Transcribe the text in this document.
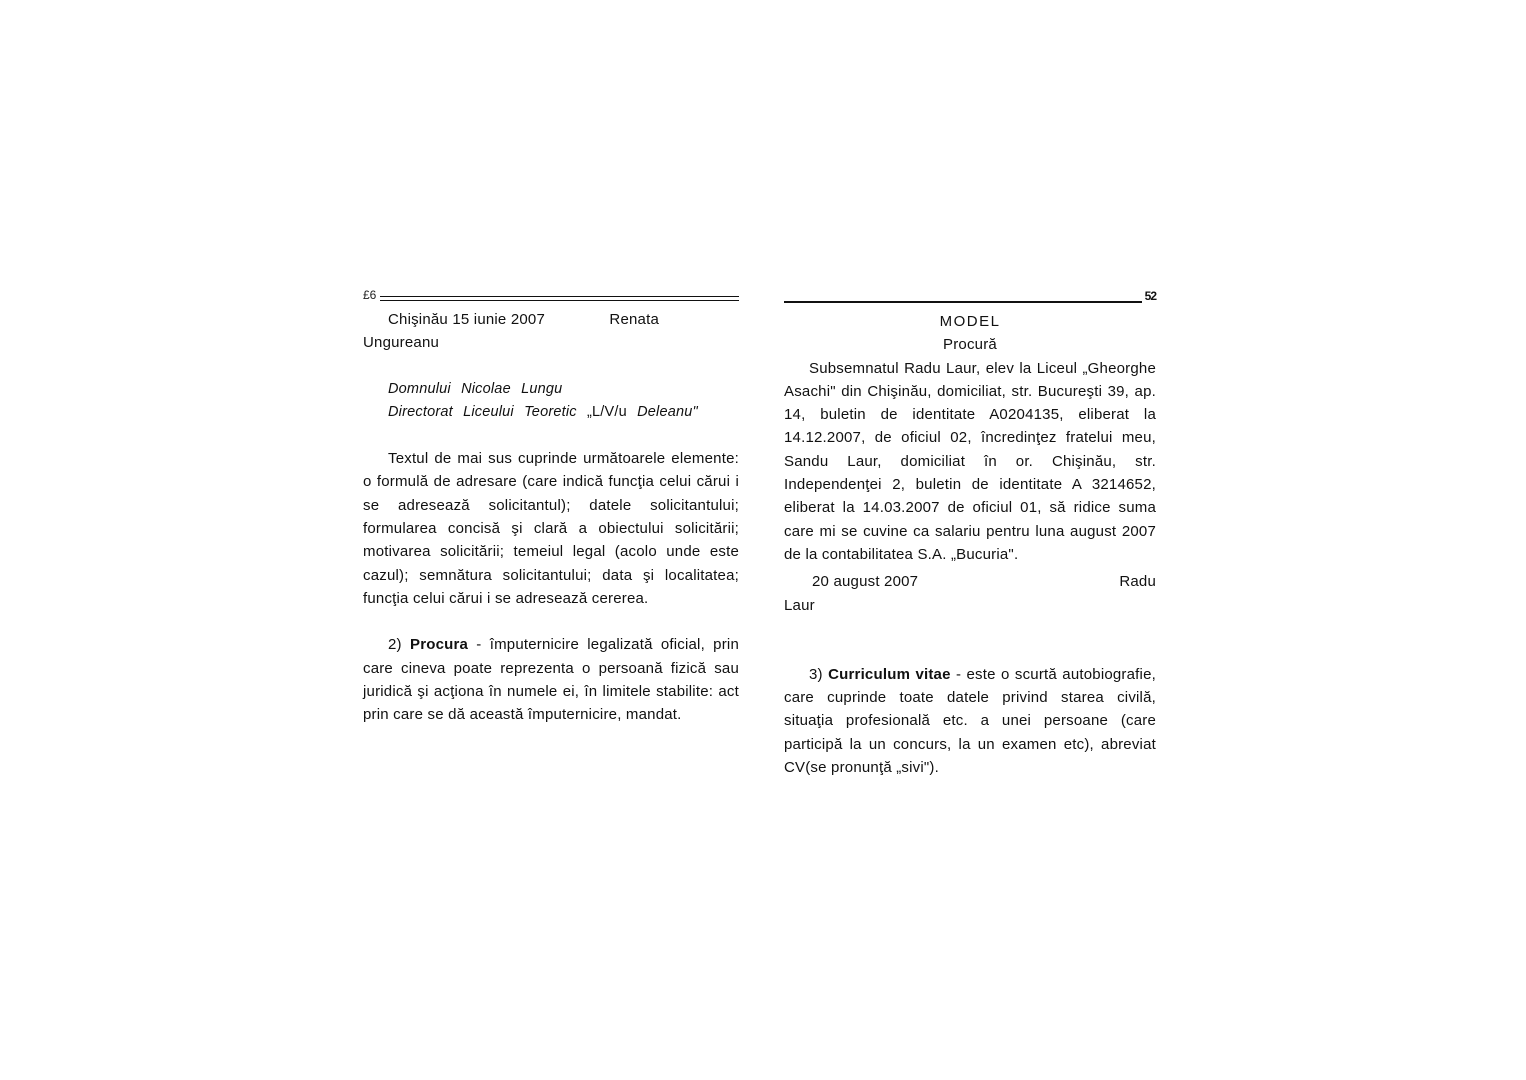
£6
Chişinău 15 iunie 2007	Renata
Ungureanu
Domnului Nicolae Lungu
Directorat Liceului Teoretic „L/V/u Deleanu"

Textul de mai sus cuprinde următoarele elemente: o formulă de adresare (care indică funcţia celui cărui i se adresează solicitantul); datele solicitantului; formularea concisă şi clară a obiectului solicitării; motivarea solicitării; temeiul legal (acolo unde este cazul); semnătura solicitantului; data şi localitatea; funcţia celui cărui i se adresează cererea.

2) Procura - împuternicire legalizată oficial, prin care cineva poate reprezenta o persoană fizică sau juridică şi acţiona în numele ei, în limitele stabilite: act prin care se dă această împuternicire, mandat.

52
MODEL
Procură

Subsemnatul Radu Laur, elev la Liceul „Gheorghe Asachi" din Chişinău, domiciliat, str. Bucureşti 39, ap. 14, buletin de identitate A0204135, eliberat la 14.12.2007, de oficiul 02, încredinţez fratelui meu, Sandu Laur, domiciliat în or. Chişinău, str. Independenţei 2, buletin de identitate A 3214652, eliberat la 14.03.2007 de oficiul 01, să ridice suma care mi se cuvine ca salariu pentru luna august 2007 de la contabilitatea S.A. „Bucuria".

20 august 2007	Radu
Laur

3) Curriculum vitae - este o scurtă autobiografie, care cuprinde toate datele privind starea civilă, situaţia profesională etc. a unei persoane (care participă la un concurs, la un examen etc), abreviat CV(se pronunţă „sivi").
